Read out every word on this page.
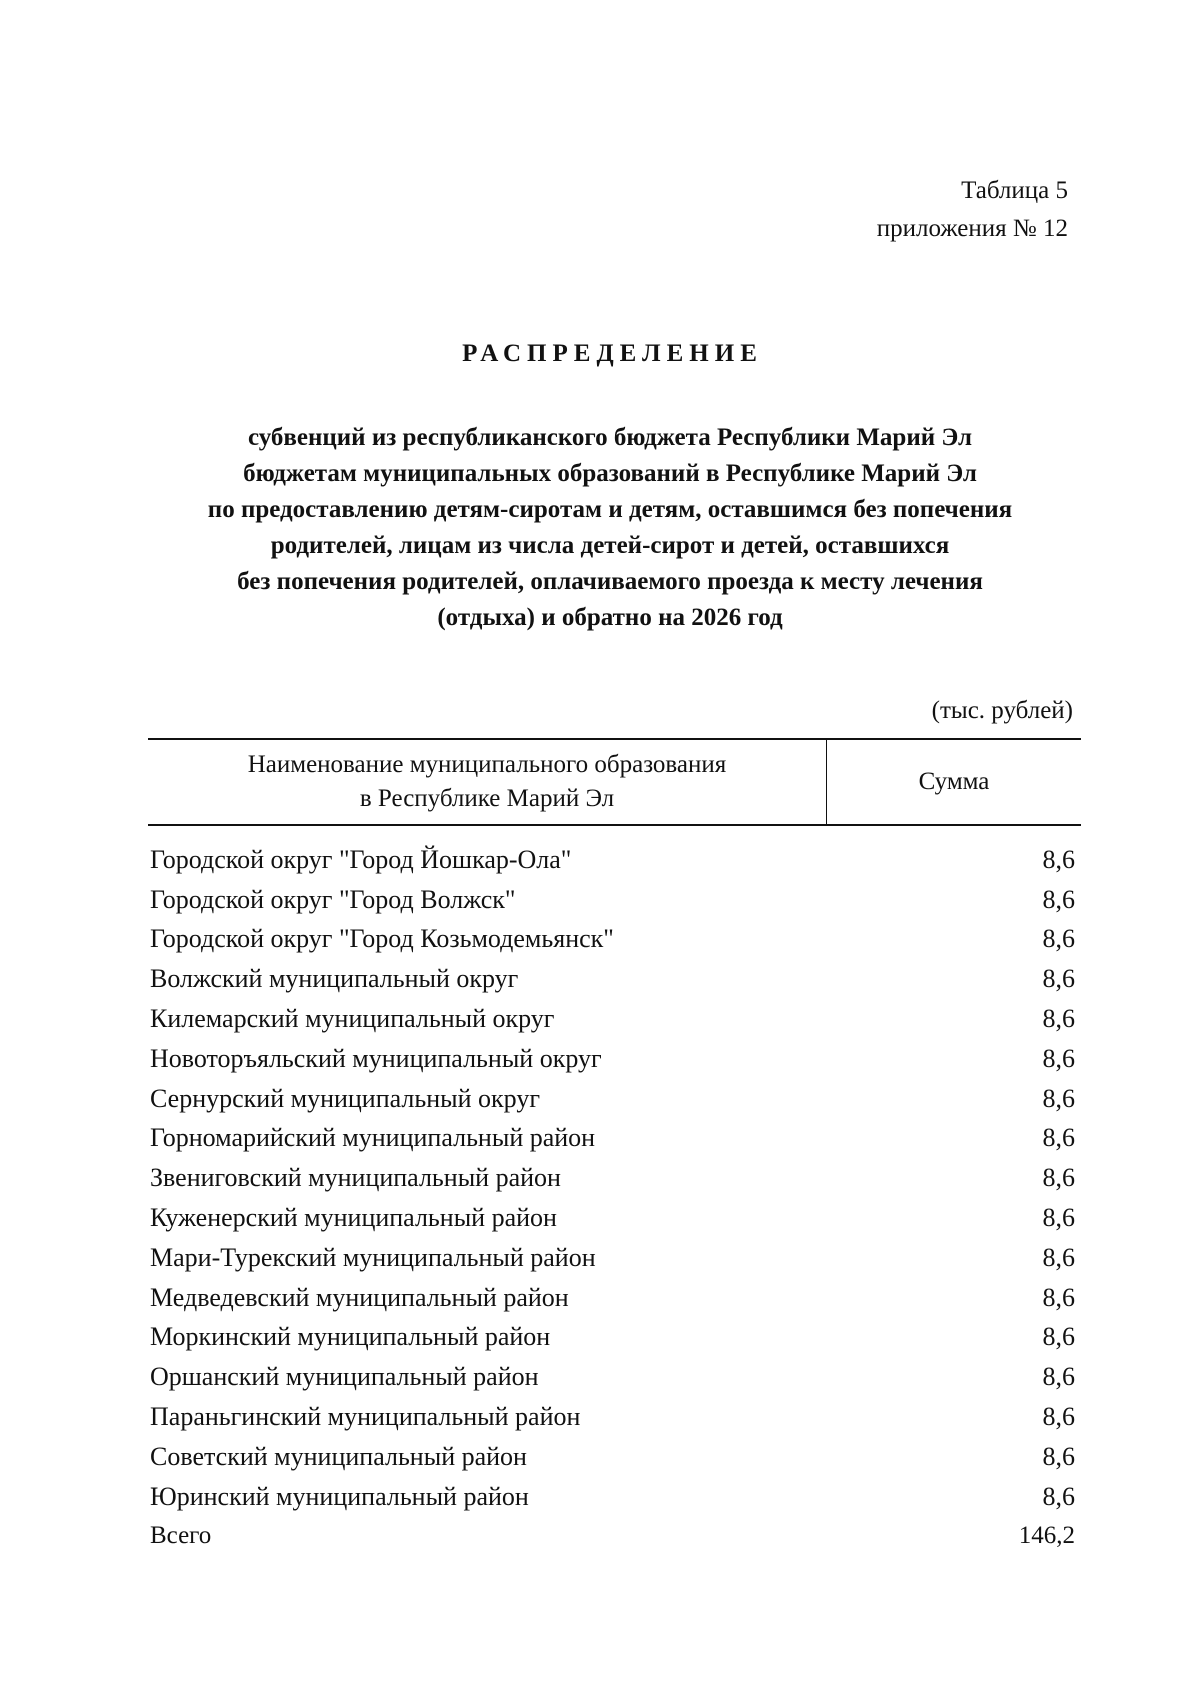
Таблица 5
приложения № 12
РАСПРЕДЕЛЕНИЕ
субвенций из республиканского бюджета Республики Марий Эл
бюджетам муниципальных образований в Республике Марий Эл
по предоставлению детям-сиротам и детям, оставшимся без попечения
родителей, лицам из числа детей-сирот и детей, оставшихся
без попечения родителей, оплачиваемого проезда к месту лечения
(отдыха) и обратно на 2026 год
(тыс. рублей)
Наименование муниципального образования
в Республике Марий Эл
Сумма
Городской округ "Город Йошкар-Ола"	8,6
Городской округ "Город Волжск"	8,6
Городской округ "Город Козьмодемьянск"	8,6
Волжский муниципальный округ	8,6
Килемарский муниципальный округ	8,6
Новоторъяльский муниципальный округ	8,6
Сернурский муниципальный округ	8,6
Горномарийский муниципальный район	8,6
Звениговский муниципальный район	8,6
Куженерский муниципальный район	8,6
Мари-Турекский муниципальный район	8,6
Медведевский муниципальный район	8,6
Моркинский муниципальный район	8,6
Оршанский муниципальный район	8,6
Параньгинский муниципальный район	8,6
Советский муниципальный район	8,6
Юринский муниципальный район	8,6
Всего	146,2
